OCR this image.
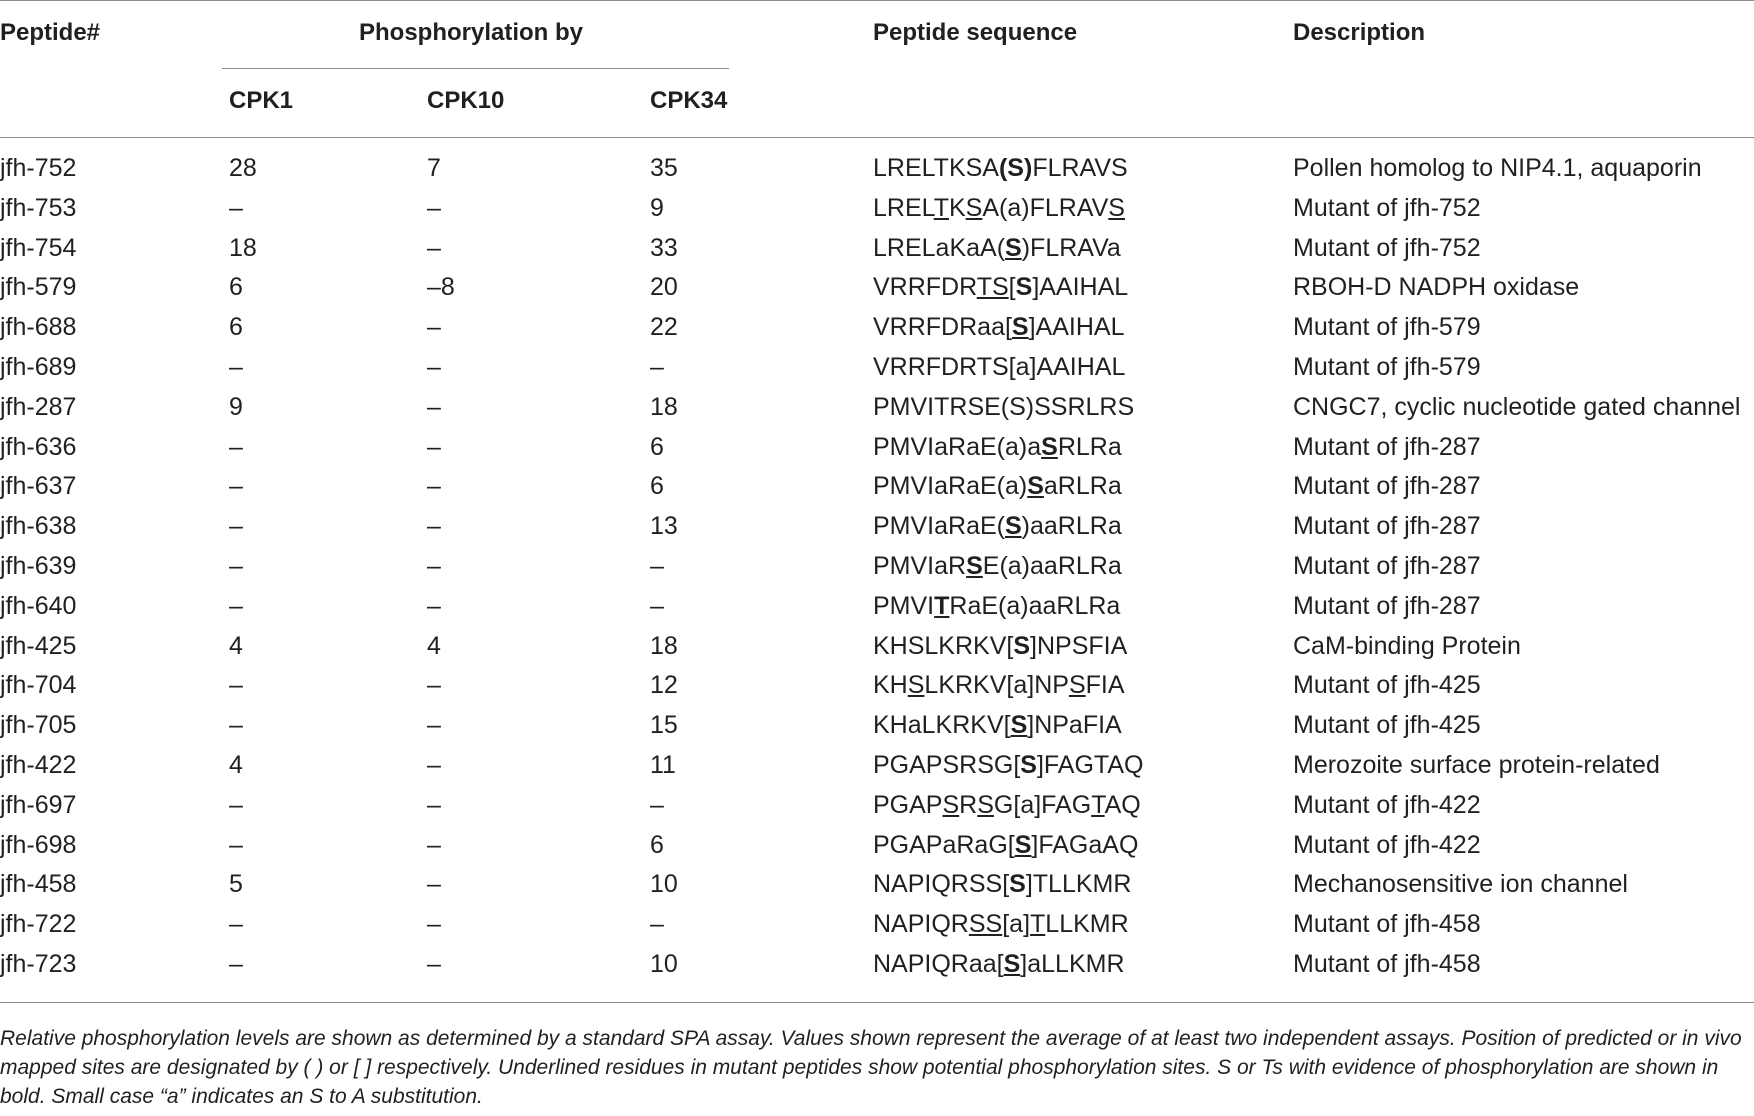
Peptide#	Phosphorylation by
CPK1	CPK10	CPK34
Peptide sequence	Description
jfh-752	28	7	35	LRELTKSA(S)FLRAVS	Pollen homolog to NIP4.1, aquaporin
jfh-753	–	–	9	LRELTKSA(a)FLRAVS	Mutant of jfh-752
jfh-754	18	–	33	LRELaKaA(S)FLRAVa	Mutant of jfh-752
jfh-579	6	–8	20	VRRFDRTS[S]AAIHAL	RBOH-D NADPH oxidase
jfh-688	6	–	22	VRRFDRaa[S]AAIHAL	Mutant of jfh-579
jfh-689	–	–	–	VRRFDRTS[a]AAIHAL	Mutant of jfh-579
jfh-287	9	–	18	PMVITRSE(S)SSRLRS	CNGC7, cyclic nucleotide gated channel
jfh-636	–	–	6	PMVIaRaE(a)aSRLRa	Mutant of jfh-287
jfh-637	–	–	6	PMVIaRaE(a)SaRLRa	Mutant of jfh-287
jfh-638	–	–	13	PMVIaRaE(S)aaRLRa	Mutant of jfh-287
jfh-639	–	–	–	PMVIaRSE(a)aaRLRa	Mutant of jfh-287
jfh-640	–	–	–	PMVITRaE(a)aaRLRa	Mutant of jfh-287
jfh-425	4	4	18	KHSLKRKV[S]NPSFIA	CaM-binding Protein
jfh-704	–	–	12	KHSLKRKV[a]NPSFIA	Mutant of jfh-425
jfh-705	–	–	15	KHaLKRKV[S]NPaFIA	Mutant of jfh-425
jfh-422	4	–	11	PGAPSRSG[S]FAGTAQ	Merozoite surface protein-related
jfh-697	–	–	–	PGAPSRSG[a]FAGTAQ	Mutant of jfh-422
jfh-698	–	–	6	PGAPaRaG[S]FAGaAQ	Mutant of jfh-422
jfh-458	5	–	10	NAPIQRSS[S]TLLKMR	Mechanosensitive ion channel
jfh-722	–	–	–	NAPIQRSS[a]TLLKMR	Mutant of jfh-458
jfh-723	–	–	10	NAPIQRaa[S]aLLKMR	Mutant of jfh-458
Relative phosphorylation levels are shown as determined by a standard SPA assay. Values shown represent the average of at least two independent assays. Position of predicted or in vivo mapped sites are designated by ( ) or [ ] respectively. Underlined residues in mutant peptides show potential phosphorylation sites. S or Ts with evidence of phosphorylation are shown in bold. Small case “a” indicates an S to A substitution.
